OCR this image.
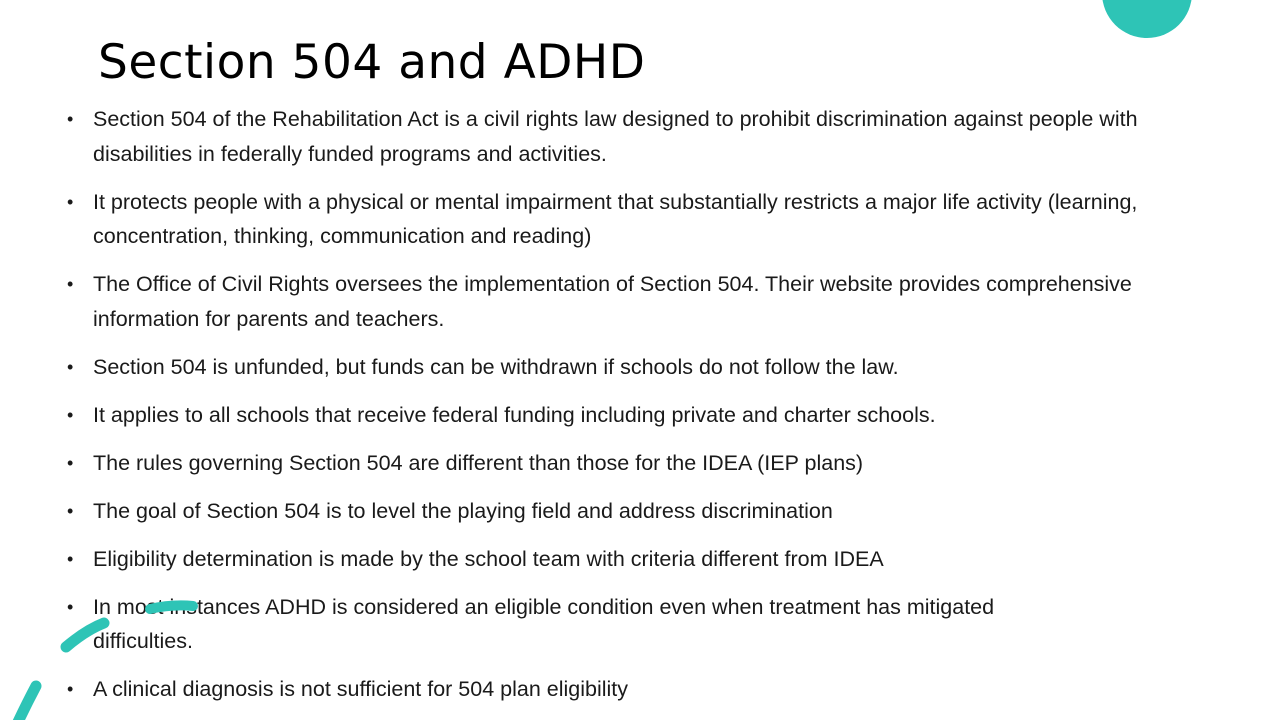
Section 504 and ADHD
• Section 504 of the Rehabilitation Act is a civil rights law designed to prohibit discrimination against people with disabilities in federally funded programs and activities.
• It protects people with a physical or mental impairment that substantially restricts a major life activity (learning, concentration, thinking, communication and reading)
• The Office of Civil Rights oversees the implementation of Section 504. Their website provides comprehensive information for parents and teachers.
• Section 504 is unfunded, but funds can be withdrawn if schools do not follow the law.
• It applies to all schools that receive federal funding including private and charter schools.
• The rules governing Section 504 are different than those for the IDEA (IEP plans)
• The goal of Section 504 is to level the playing field and address discrimination
• Eligibility determination is made by the school team with criteria different from IDEA
• In most instances ADHD is considered an eligible condition even when treatment has mitigated difficulties.
• A clinical diagnosis is not sufficient for 504 plan eligibility
